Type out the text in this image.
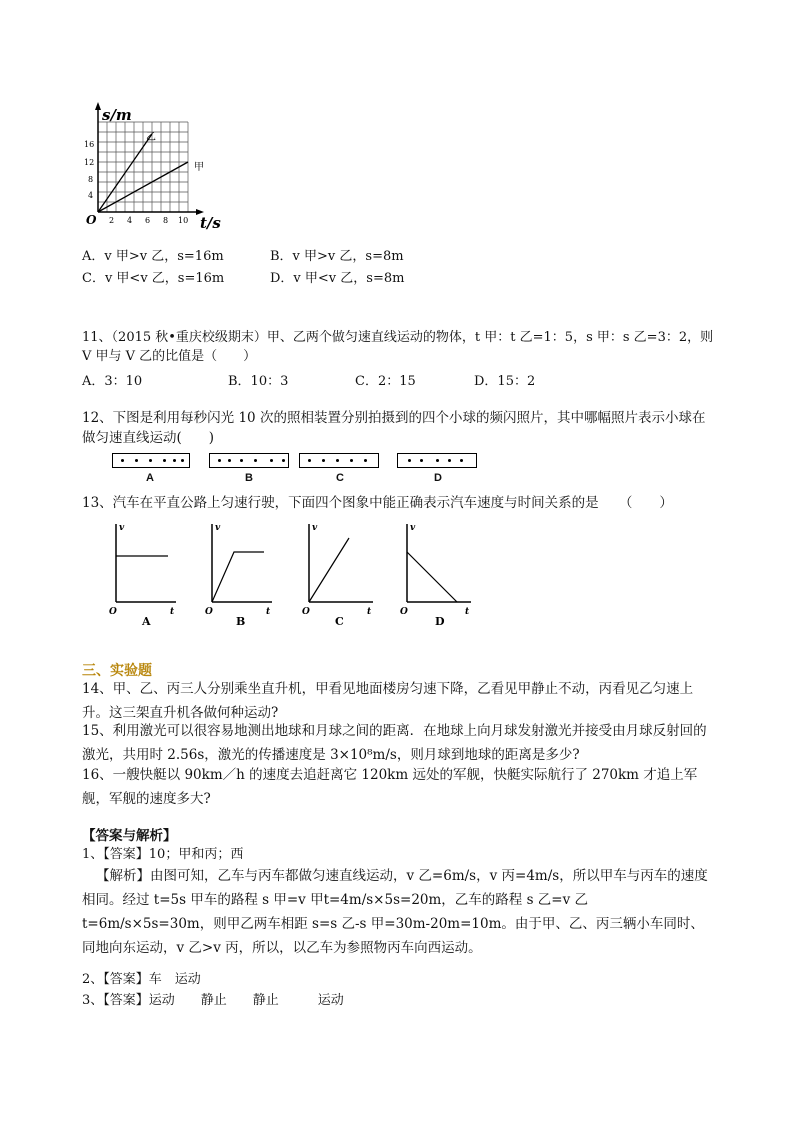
s/m
t/s
O
16
12
8
4
2 4 6 8 10
乙
甲
A．v 甲>v 乙，s=16m	B．v 甲>v 乙，s=8m
C．v 甲<v 乙，s=16m	D．v 甲<v 乙，s=8m
11、（2015 秋•重庆校级期末）甲、乙两个做匀速直线运动的物体，t 甲：t 乙=1：5，s 甲：s 乙=3：2，则
V 甲与 V 乙的比值是（　　）
A．3：10	B．10：3	C．2：15	D．15：2
12、下图是利用每秒闪光 10 次的照相装置分别拍摄到的四个小球的频闪照片，其中哪幅照片表示小球在做匀速直线运动(　　)
A	B	C	D
13、汽车在平直公路上匀速行驶，下面四个图象中能正确表示汽车速度与时间关系的是　　（　　）
v
t
O
A
v
t
O
B
v
t
O
C
v
t
O
D
三、实验题
14、甲、乙、丙三人分别乘坐直升机，甲看见地面楼房匀速下降，乙看见甲静止不动，丙看见乙匀速上升。这三架直升机各做何种运动?
15、利用激光可以很容易地测出地球和月球之间的距离．在地球上向月球发射激光并接受由月球反射回的激光，共用时 2.56s，激光的传播速度是 3×10⁸m/s，则月球到地球的距离是多少?
16、一艘快艇以 90km／h 的速度去追赶离它 120km 远处的军舰，快艇实际航行了 270km 才追上军舰，军舰的速度多大?
【答案与解析】
1、【答案】10；甲和丙；西
【解析】由图可知，乙车与丙车都做匀速直线运动，v 乙=6m/s，v 丙=4m/s，所以甲车与丙车的速度相同。经过 t=5s 甲车的路程 s 甲=v 甲t=4m/s×5s=20m，乙车的路程 s 乙=v 乙t=6m/s×5s=30m，则甲乙两车相距 s=s 乙-s 甲=30m-20m=10m。由于甲、乙、丙三辆小车同时、同地向东运动，v 乙>v 丙，所以，以乙车为参照物丙车向西运动。
2、【答案】车　运动
3、【答案】运动　　静止　　静止　　　运动
